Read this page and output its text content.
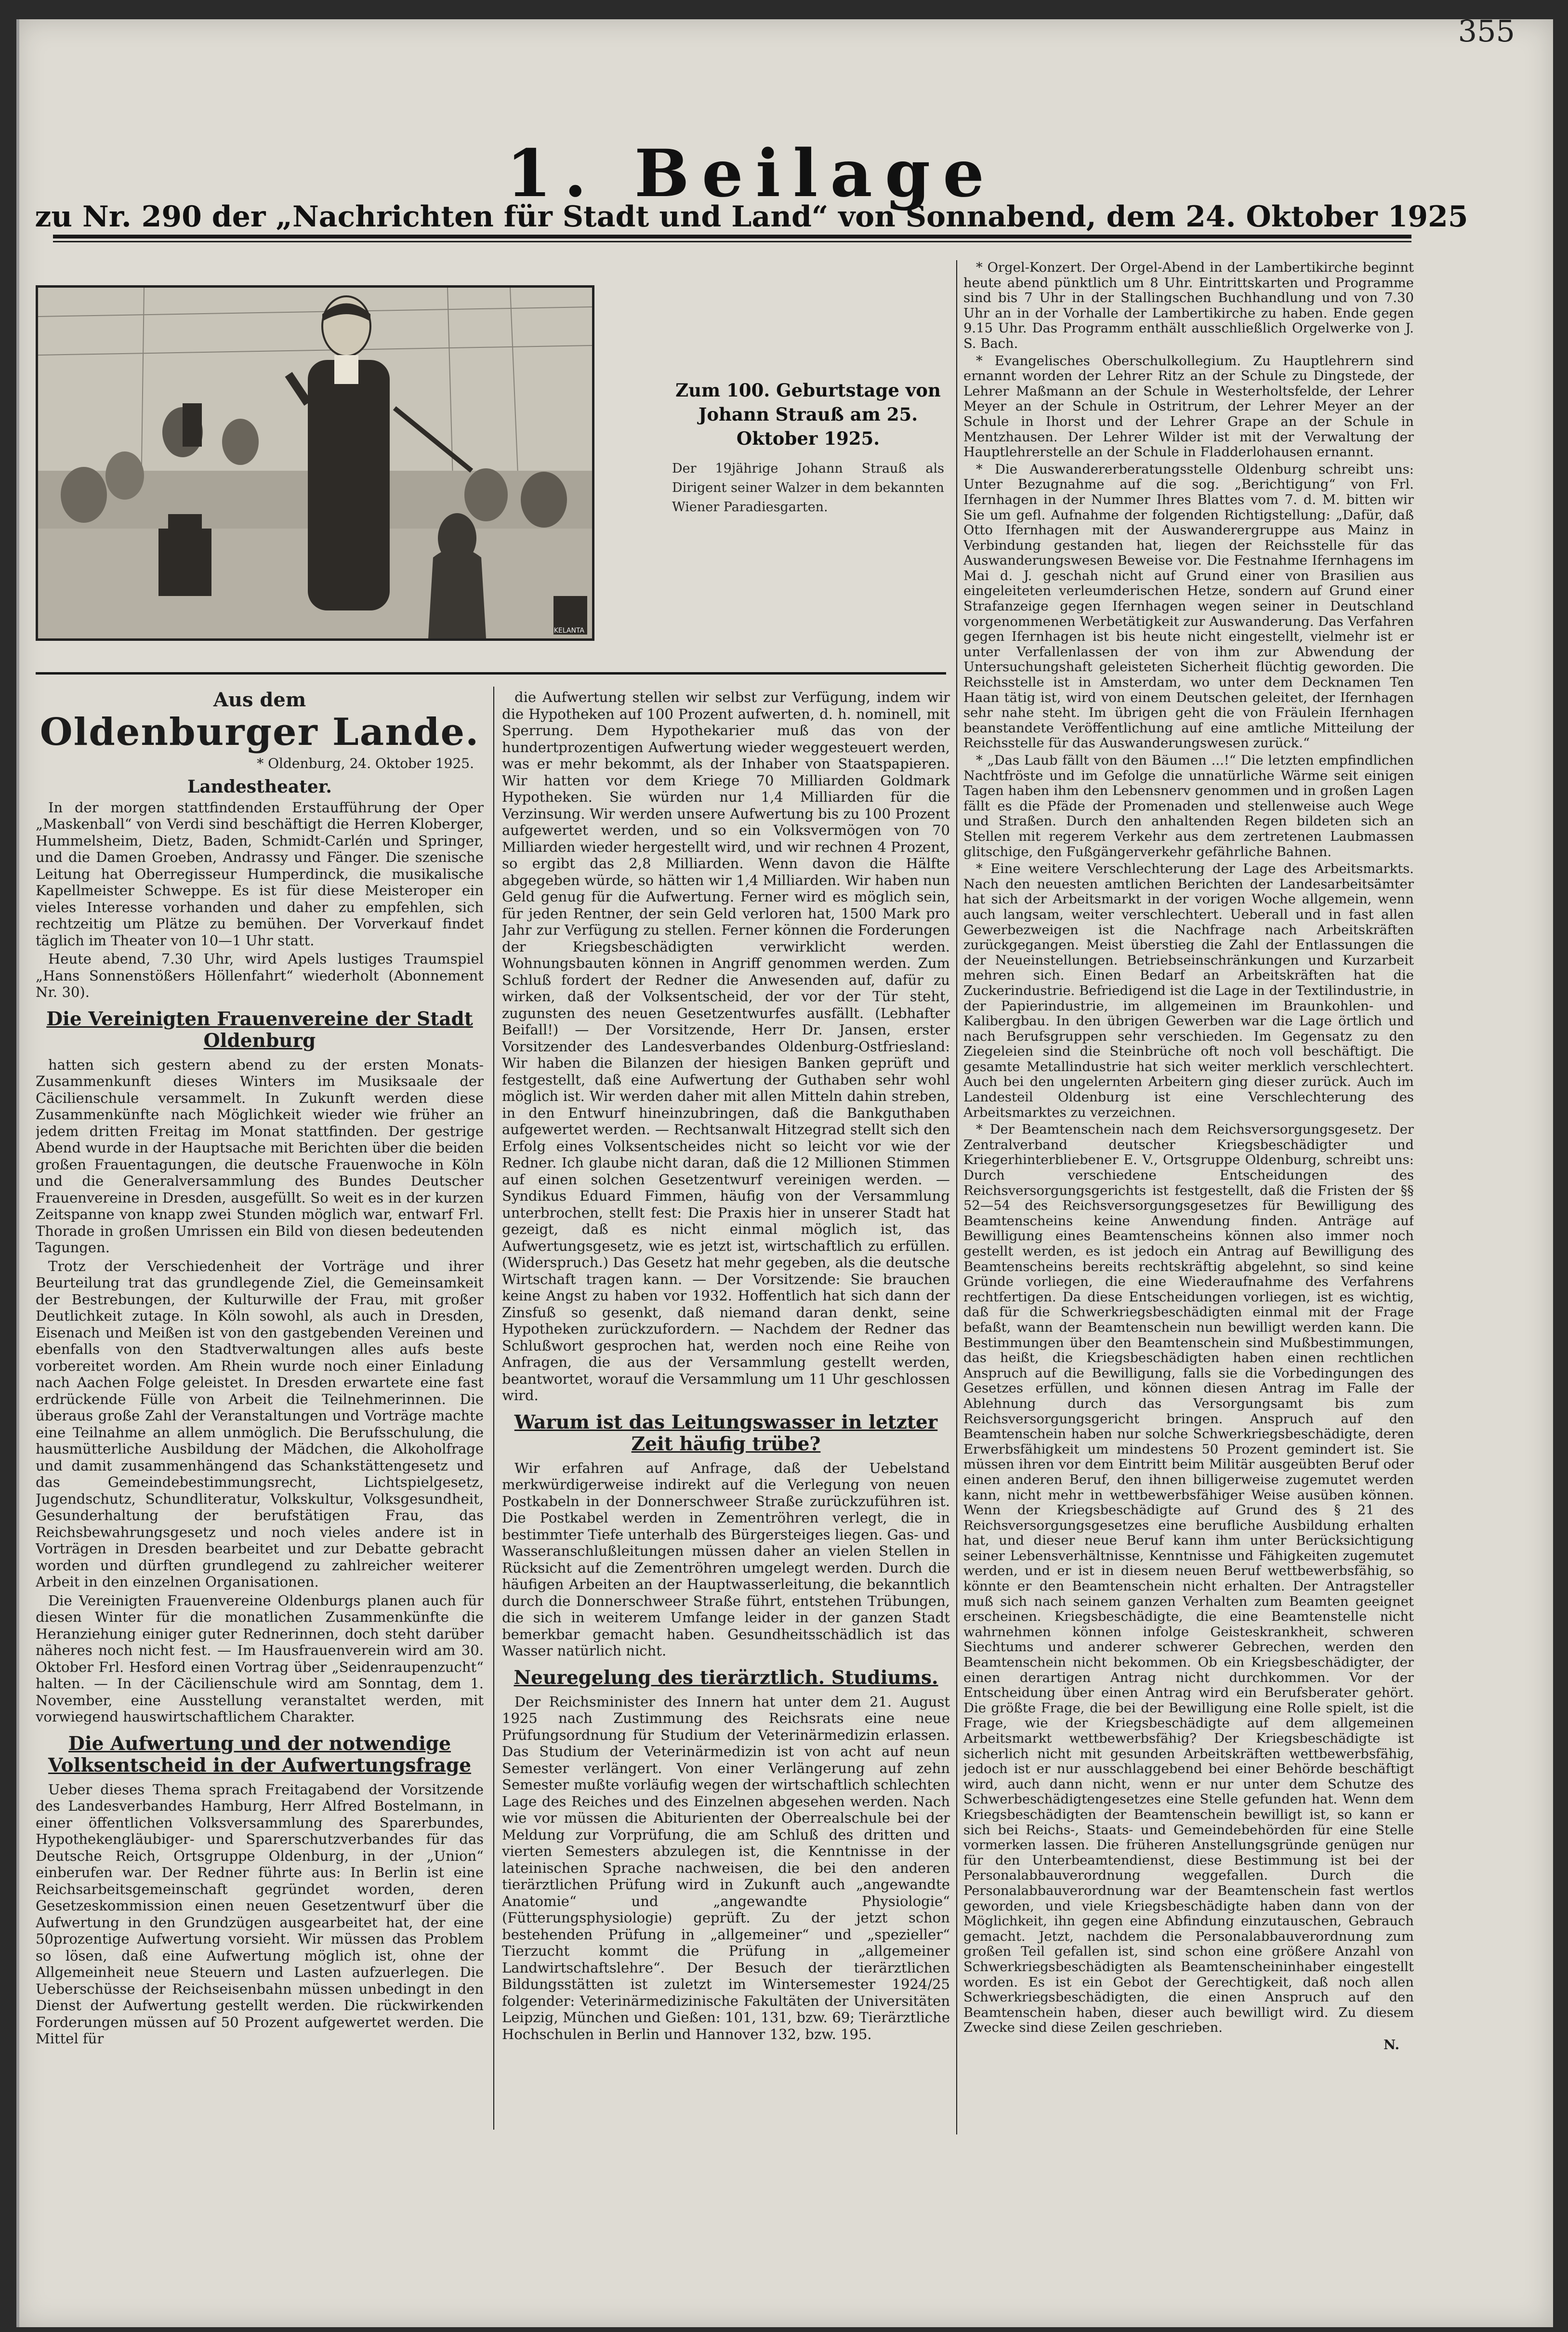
355
1. Beilage
zu Nr. 290 der „Nachrichten für Stadt und Land“ von Sonnabend, dem 24. Oktober 1925
KELANTA
Zum 100. Geburtstage von Johann Strauß am 25. Oktober 1925.
Der 19jährige Johann Strauß als Dirigent seiner Walzer in dem bekannten Wiener Paradiesgarten.
Aus dem
Oldenburger Lande.
* Oldenburg, 24. Oktober 1925.
Landestheater.

In der morgen stattfindenden Erstaufführung der Oper „Maskenball“ von Verdi sind beschäftigt die Herren Kloberger, Hummelsheim, Dietz, Baden, Schmidt-Carlén und Springer, und die Damen Groeben, Andrassy und Fänger. Die szenische Leitung hat Oberregisseur Humperdinck, die musikalische Kapellmeister Schweppe. Es ist für diese Meisteroper ein vieles Interesse vorhanden und daher zu empfehlen, sich rechtzeitig um Plätze zu bemühen. Der Vorverkauf findet täglich im Theater von 10—1 Uhr statt.

Heute abend, 7.30 Uhr, wird Apels lustiges Traumspiel „Hans Sonnenstößers Höllenfahrt“ wiederholt (Abonnement Nr. 30).

Die Vereinigten Frauenvereine der Stadt Oldenburg

hatten sich gestern abend zu der ersten Monats-Zusammenkunft dieses Winters im Musiksaale der Cäcilienschule versammelt. In Zukunft werden diese Zusammenkünfte nach Möglichkeit wieder wie früher an jedem dritten Freitag im Monat stattfinden. Der gestrige Abend wurde in der Hauptsache mit Berichten über die beiden großen Frauentagungen, die deutsche Frauenwoche in Köln und die Generalversammlung des Bundes Deutscher Frauenvereine in Dresden, ausgefüllt. So weit es in der kurzen Zeitspanne von knapp zwei Stunden möglich war, entwarf Frl. Thorade in großen Umrissen ein Bild von diesen bedeutenden Tagungen.

Trotz der Verschiedenheit der Vorträge und ihrer Beurteilung trat das grundlegende Ziel, die Gemeinsamkeit der Bestrebungen, der Kulturwille der Frau, mit großer Deutlichkeit zutage. In Köln sowohl, als auch in Dresden, Eisenach und Meißen ist von den gastgebenden Vereinen und ebenfalls von den Stadtverwaltungen alles aufs beste vorbereitet worden. Am Rhein wurde noch einer Einladung nach Aachen Folge geleistet. In Dresden erwartete eine fast erdrückende Fülle von Arbeit die Teilnehmerinnen. Die überaus große Zahl der Veranstaltungen und Vorträge machte eine Teilnahme an allem unmöglich. Die Berufsschulung, die hausmütterliche Ausbildung der Mädchen, die Alkoholfrage und damit zusammenhängend das Schankstättengesetz und das Gemeindebestimmungsrecht, Lichtspielgesetz, Jugendschutz, Schundliteratur, Volkskultur, Volksgesundheit, Gesunderhaltung der berufstätigen Frau, das Reichsbewahrungsgesetz und noch vieles andere ist in Vorträgen in Dresden bearbeitet und zur Debatte gebracht worden und dürften grundlegend zu zahlreicher weiterer Arbeit in den einzelnen Organisationen.

Die Vereinigten Frauenvereine Oldenburgs planen auch für diesen Winter für die monatlichen Zusammenkünfte die Heranziehung einiger guter Rednerinnen, doch steht darüber näheres noch nicht fest. — Im Hausfrauenverein wird am 30. Oktober Frl. Hesford einen Vortrag über „Seidenraupenzucht“ halten. — In der Cäcilienschule wird am Sonntag, dem 1. November, eine Ausstellung veranstaltet werden, mit vorwiegend hauswirtschaftlichem Charakter.

Die Aufwertung und der notwendige Volksentscheid in der Aufwertungsfrage

Ueber dieses Thema sprach Freitagabend der Vorsitzende des Landesverbandes Hamburg, Herr Alfred Bostelmann, in einer öffentlichen Volksversammlung des Sparerbundes, Hypothekengläubiger- und Sparerschutzverbandes für das Deutsche Reich, Ortsgruppe Oldenburg, in der „Union“ einberufen war. Der Redner führte aus: In Berlin ist eine Reichsarbeitsgemeinschaft gegründet worden, deren Gesetzeskommission einen neuen Gesetzentwurf über die Aufwertung in den Grundzügen ausgearbeitet hat, der eine 50prozentige Aufwertung vorsieht. Wir müssen das Problem so lösen, daß eine Aufwertung möglich ist, ohne der Allgemeinheit neue Steuern und Lasten aufzuerlegen. Die Ueberschüsse der Reichseisenbahn müssen unbedingt in den Dienst der Aufwertung gestellt werden. Die rückwirkenden Forderungen müssen auf 50 Prozent aufgewertet werden. Die Mittel für

die Aufwertung stellen wir selbst zur Verfügung, indem wir die Hypotheken auf 100 Prozent aufwerten, d. h. nominell, mit Sperrung. Dem Hypothekarier muß das von der hundertprozentigen Aufwertung wieder weggesteuert werden, was er mehr bekommt, als der Inhaber von Staatspapieren. Wir hatten vor dem Kriege 70 Milliarden Goldmark Hypotheken. Sie würden nur 1,4 Milliarden für die Verzinsung. Wir werden unsere Aufwertung bis zu 100 Prozent aufgewertet werden, und so ein Volksvermögen von 70 Milliarden wieder hergestellt wird, und wir rechnen 4 Prozent, so ergibt das 2,8 Milliarden. Wenn davon die Hälfte abgegeben würde, so hätten wir 1,4 Milliarden. Wir haben nun Geld genug für die Aufwertung. Ferner wird es möglich sein, für jeden Rentner, der sein Geld verloren hat, 1500 Mark pro Jahr zur Verfügung zu stellen. Ferner können die Forderungen der Kriegsbeschädigten verwirklicht werden. Wohnungsbauten können in Angriff genommen werden. Zum Schluß fordert der Redner die Anwesenden auf, dafür zu wirken, daß der Volksentscheid, der vor der Tür steht, zugunsten des neuen Gesetzentwurfes ausfällt. (Lebhafter Beifall!) — Der Vorsitzende, Herr Dr. Jansen, erster Vorsitzender des Landesverbandes Oldenburg-Ostfriesland: Wir haben die Bilanzen der hiesigen Banken geprüft und festgestellt, daß eine Aufwertung der Guthaben sehr wohl möglich ist. Wir werden daher mit allen Mitteln dahin streben, in den Entwurf hineinzubringen, daß die Bankguthaben aufgewertet werden. — Rechtsanwalt Hitzegrad stellt sich den Erfolg eines Volksentscheides nicht so leicht vor wie der Redner. Ich glaube nicht daran, daß die 12 Millionen Stimmen auf einen solchen Gesetzentwurf vereinigen werden. — Syndikus Eduard Fimmen, häufig von der Versammlung unterbrochen, stellt fest: Die Praxis hier in unserer Stadt hat gezeigt, daß es nicht einmal möglich ist, das Aufwertungsgesetz, wie es jetzt ist, wirtschaftlich zu erfüllen. (Widerspruch.) Das Gesetz hat mehr gegeben, als die deutsche Wirtschaft tragen kann. — Der Vorsitzende: Sie brauchen keine Angst zu haben vor 1932. Hoffentlich hat sich dann der Zinsfuß so gesenkt, daß niemand daran denkt, seine Hypotheken zurückzufordern. — Nachdem der Redner das Schlußwort gesprochen hat, werden noch eine Reihe von Anfragen, die aus der Versammlung gestellt werden, beantwortet, worauf die Versammlung um 11 Uhr geschlossen wird.

Warum ist das Leitungswasser in letzter Zeit häufig trübe?

Wir erfahren auf Anfrage, daß der Uebelstand merkwürdigerweise indirekt auf die Verlegung von neuen Postkabeln in der Donnerschweer Straße zurückzuführen ist. Die Postkabel werden in Zementröhren verlegt, die in bestimmter Tiefe unterhalb des Bürgersteiges liegen. Gas- und Wasseranschlußleitungen müssen daher an vielen Stellen in Rücksicht auf die Zementröhren umgelegt werden. Durch die häufigen Arbeiten an der Hauptwasserleitung, die bekanntlich durch die Donnerschweer Straße führt, entstehen Trübungen, die sich in weiterem Umfange leider in der ganzen Stadt bemerkbar gemacht haben. Gesundheitsschädlich ist das Wasser natürlich nicht.

Neuregelung des tierärztlich. Studiums.

Der Reichsminister des Innern hat unter dem 21. August 1925 nach Zustimmung des Reichsrats eine neue Prüfungsordnung für Studium der Veterinärmedizin erlassen. Das Studium der Veterinärmedizin ist von acht auf neun Semester verlängert. Von einer Verlängerung auf zehn Semester mußte vorläufig wegen der wirtschaftlich schlechten Lage des Reiches und des Einzelnen abgesehen werden. Nach wie vor müssen die Abiturienten der Oberrealschule bei der Meldung zur Vorprüfung, die am Schluß des dritten und vierten Semesters abzulegen ist, die Kenntnisse in der lateinischen Sprache nachweisen, die bei den anderen tierärztlichen Prüfung wird in Zukunft auch „angewandte Anatomie“ und „angewandte Physiologie“ (Fütterungsphysiologie) geprüft. Zu der jetzt schon bestehenden Prüfung in „allgemeiner“ und „spezieller“ Tierzucht kommt die Prüfung in „allgemeiner Landwirtschaftslehre“. Der Besuch der tierärztlichen Bildungsstätten ist zuletzt im Wintersemester 1924/25 folgender: Veterinärmedizinische Fakultäten der Universitäten Leipzig, München und Gießen: 101, 131, bzw. 69; Tierärztliche Hochschulen in Berlin und Hannover 132, bzw. 195.

* Orgel-Konzert. Der Orgel-Abend in der Lambertikirche beginnt heute abend pünktlich um 8 Uhr. Eintrittskarten und Programme sind bis 7 Uhr in der Stallingschen Buchhandlung und von 7.30 Uhr an in der Vorhalle der Lambertikirche zu haben. Ende gegen 9.15 Uhr. Das Programm enthält ausschließlich Orgelwerke von J. S. Bach.

* Evangelisches Oberschulkollegium. Zu Hauptlehrern sind ernannt worden der Lehrer Ritz an der Schule zu Dingstede, der Lehrer Maßmann an der Schule in Westerholtsfelde, der Lehrer Meyer an der Schule in Ostritrum, der Lehrer Meyer an der Schule in Ihorst und der Lehrer Grape an der Schule in Mentzhausen. Der Lehrer Wilder ist mit der Verwaltung der Hauptlehrerstelle an der Schule in Fladderlohausen ernannt.

* Die Auswandererberatungsstelle Oldenburg schreibt uns: Unter Bezugnahme auf die sog. „Berichtigung“ von Frl. Ifernhagen in der Nummer Ihres Blattes vom 7. d. M. bitten wir Sie um gefl. Aufnahme der folgenden Richtigstellung: „Dafür, daß Otto Ifernhagen mit der Auswanderergruppe aus Mainz in Verbindung gestanden hat, liegen der Reichsstelle für das Auswanderungswesen Beweise vor. Die Festnahme Ifernhagens im Mai d. J. geschah nicht auf Grund einer von Brasilien aus eingeleiteten verleumderischen Hetze, sondern auf Grund einer Strafanzeige gegen Ifernhagen wegen seiner in Deutschland vorgenommenen Werbetätigkeit zur Auswanderung. Das Verfahren gegen Ifernhagen ist bis heute nicht eingestellt, vielmehr ist er unter Verfallenlassen der von ihm zur Abwendung der Untersuchungshaft geleisteten Sicherheit flüchtig geworden. Die Reichsstelle ist in Amsterdam, wo unter dem Decknamen Ten Haan tätig ist, wird von einem Deutschen geleitet, der Ifernhagen sehr nahe steht. Im übrigen geht die von Fräulein Ifernhagen beanstandete Veröffentlichung auf eine amtliche Mitteilung der Reichsstelle für das Auswanderungswesen zurück.“

* „Das Laub fällt von den Bäumen ...!“ Die letzten empfindlichen Nachtfröste und im Gefolge die unnatürliche Wärme seit einigen Tagen haben ihm den Lebensnerv genommen und in großen Lagen fällt es die Pfäde der Promenaden und stellenweise auch Wege und Straßen. Durch den anhaltenden Regen bildeten sich an Stellen mit regerem Verkehr aus dem zertretenen Laubmassen glitschige, den Fußgängerverkehr gefährliche Bahnen.

* Eine weitere Verschlechterung der Lage des Arbeitsmarkts. Nach den neuesten amtlichen Berichten der Landesarbeitsämter hat sich der Arbeitsmarkt in der vorigen Woche allgemein, wenn auch langsam, weiter verschlechtert. Ueberall und in fast allen Gewerbezweigen ist die Nachfrage nach Arbeitskräften zurückgegangen. Meist überstieg die Zahl der Entlassungen die der Neueinstellungen. Betriebseinschränkungen und Kurzarbeit mehren sich. Einen Bedarf an Arbeitskräften hat die Zuckerindustrie. Befriedigend ist die Lage in der Textilindustrie, in der Papierindustrie, im allgemeinen im Braunkohlen- und Kalibergbau. In den übrigen Gewerben war die Lage örtlich und nach Berufsgruppen sehr verschieden. Im Gegensatz zu den Ziegeleien sind die Steinbrüche oft noch voll beschäftigt. Die gesamte Metallindustrie hat sich weiter merklich verschlechtert. Auch bei den ungelernten Arbeitern ging dieser zurück. Auch im Landesteil Oldenburg ist eine Verschlechterung des Arbeitsmarktes zu verzeichnen.

* Der Beamtenschein nach dem Reichsversorgungsgesetz. Der Zentralverband deutscher Kriegsbeschädigter und Kriegerhinterbliebener E. V., Ortsgruppe Oldenburg, schreibt uns: Durch verschiedene Entscheidungen des Reichsversorgungsgerichts ist festgestellt, daß die Fristen der §§ 52—54 des Reichsversorgungsgesetzes für Bewilligung des Beamtenscheins keine Anwendung finden. Anträge auf Bewilligung eines Beamtenscheins können also immer noch gestellt werden, es ist jedoch ein Antrag auf Bewilligung des Beamtenscheins bereits rechtskräftig abgelehnt, so sind keine Gründe vorliegen, die eine Wiederaufnahme des Verfahrens rechtfertigen. Da diese Entscheidungen vorliegen, ist es wichtig, daß für die Schwerkriegsbeschädigten einmal mit der Frage befaßt, wann der Beamtenschein nun bewilligt werden kann. Die Bestimmungen über den Beamtenschein sind Mußbestimmungen, das heißt, die Kriegsbeschädigten haben einen rechtlichen Anspruch auf die Bewilligung, falls sie die Vorbedingungen des Gesetzes erfüllen, und können diesen Antrag im Falle der Ablehnung durch das Versorgungsamt bis zum Reichsversorgungsgericht bringen. Anspruch auf den Beamtenschein haben nur solche Schwerkriegsbeschädigte, deren Erwerbsfähigkeit um mindestens 50 Prozent gemindert ist. Sie müssen ihren vor dem Eintritt beim Militär ausgeübten Beruf oder einen anderen Beruf, den ihnen billigerweise zugemutet werden kann, nicht mehr in wettbewerbsfähiger Weise ausüben können. Wenn der Kriegsbeschädigte auf Grund des § 21 des Reichsversorgungsgesetzes eine berufliche Ausbildung erhalten hat, und dieser neue Beruf kann ihm unter Berücksichtigung seiner Lebensverhältnisse, Kenntnisse und Fähigkeiten zugemutet werden, und er ist in diesem neuen Beruf wettbewerbsfähig, so könnte er den Beamtenschein nicht erhalten. Der Antragsteller muß sich nach seinem ganzen Verhalten zum Beamten geeignet erscheinen. Kriegsbeschädigte, die eine Beamtenstelle nicht wahrnehmen können infolge Geisteskrankheit, schweren Siechtums und anderer schwerer Gebrechen, werden den Beamtenschein nicht bekommen. Ob ein Kriegsbeschädigter, der einen derartigen Antrag nicht durchkommen. Vor der Entscheidung über einen Antrag wird ein Berufsberater gehört. Die größte Frage, die bei der Bewilligung eine Rolle spielt, ist die Frage, wie der Kriegsbeschädigte auf dem allgemeinen Arbeitsmarkt wettbewerbsfähig? Der Kriegsbeschädigte ist sicherlich nicht mit gesunden Arbeitskräften wettbewerbsfähig, jedoch ist er nur ausschlaggebend bei einer Behörde beschäftigt wird, auch dann nicht, wenn er nur unter dem Schutze des Schwerbeschädigtengesetzes eine Stelle gefunden hat. Wenn dem Kriegsbeschädigten der Beamtenschein bewilligt ist, so kann er sich bei Reichs-, Staats- und Gemeindebehörden für eine Stelle vormerken lassen. Die früheren Anstellungsgründe genügen nur für den Unterbeamtendienst, diese Bestimmung ist bei der Personalabbauverordnung weggefallen. Durch die Personalabbauverordnung war der Beamtenschein fast wertlos geworden, und viele Kriegsbeschädigte haben dann von der Möglichkeit, ihn gegen eine Abfindung einzutauschen, Gebrauch gemacht. Jetzt, nachdem die Personalabbauverordnung zum großen Teil gefallen ist, sind schon eine größere Anzahl von Schwerkriegsbeschädigten als Beamtenscheininhaber eingestellt worden. Es ist ein Gebot der Gerechtigkeit, daß noch allen Schwerkriegsbeschädigten, die einen Anspruch auf den Beamtenschein haben, dieser auch bewilligt wird. Zu diesem Zwecke sind diese Zeilen geschrieben.

N.
